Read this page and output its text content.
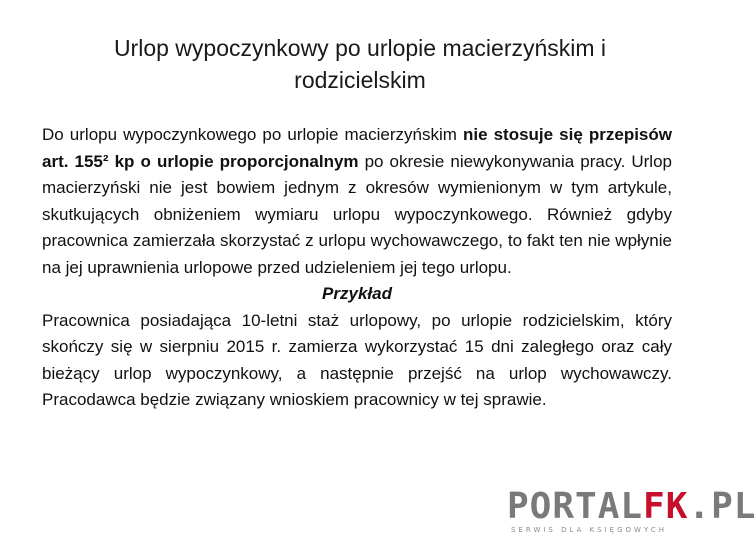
Urlop wypoczynkowy po urlopie macierzyńskim i rodzicielskim

Do urlopu wypoczynkowego po urlopie macierzyńskim nie stosuje się przepisów art. 155² kp o urlopie proporcjonalnym po okresie niewykonywania pracy. Urlop macierzyński nie jest bowiem jednym z okresów wymienionym w tym artykule, skutkujących obniżeniem wymiaru urlopu wypoczynkowego. Również gdyby pracownica zamierzała skorzystać z urlopu wychowawczego, to fakt ten nie wpłynie na jej uprawnienia urlopowe przed udzieleniem jej tego urlopu.

Przykład

Pracownica posiadająca 10-letni staż urlopowy, po urlopie rodzicielskim, który skończy się w sierpniu 2015 r. zamierza wykorzystać 15 dni zaległego oraz cały bieżący urlop wypoczynkowy, a następnie przejść na urlop wychowawczy. Pracodawca będzie związany wnioskiem pracownicy w tej sprawie.

PORTALFK.PL
SERWIS DLA KSIĘGOWYCH
